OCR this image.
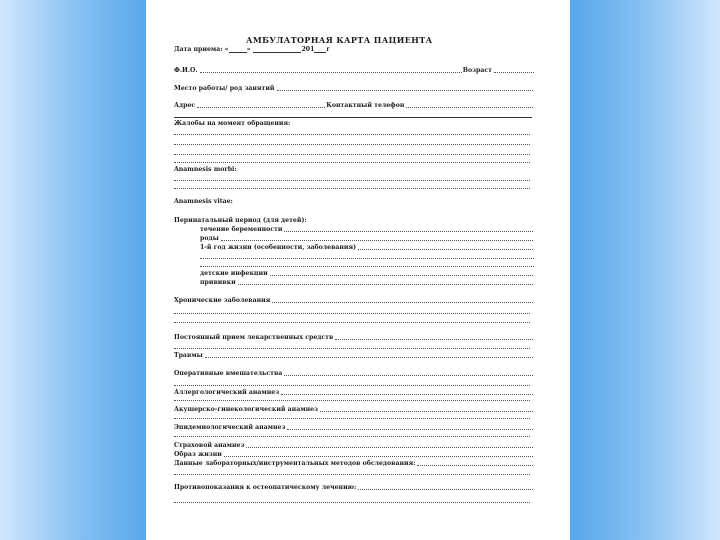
АМБУЛАТОРНАЯ КАРТА ПАЦИЕНТА
Дата приема: «	»	201 г
Ф.И.О.	Возраст
Место работы/ род занятий
Адрес	Контактный телефон
Жалобы на момент обращения:
Anamnesis morbi:
Anamnesis vitae:
Перинатальный период (для детей):
течение беременности
роды
1-й год жизни (особенности, заболевания)
детские инфекции
прививки
Хронические заболевания
Постоянный прием лекарственных средств
Травмы
Оперативные вмешательства
Аллергологический анамнез
Акушерско-гинекологический анамнез
Эпидемиологический анамнез
Страховой анамнез
Образ жизни
Данные лабораторных/инструментальных методов обследования:
Противопоказания к остеопатическому лечению:
